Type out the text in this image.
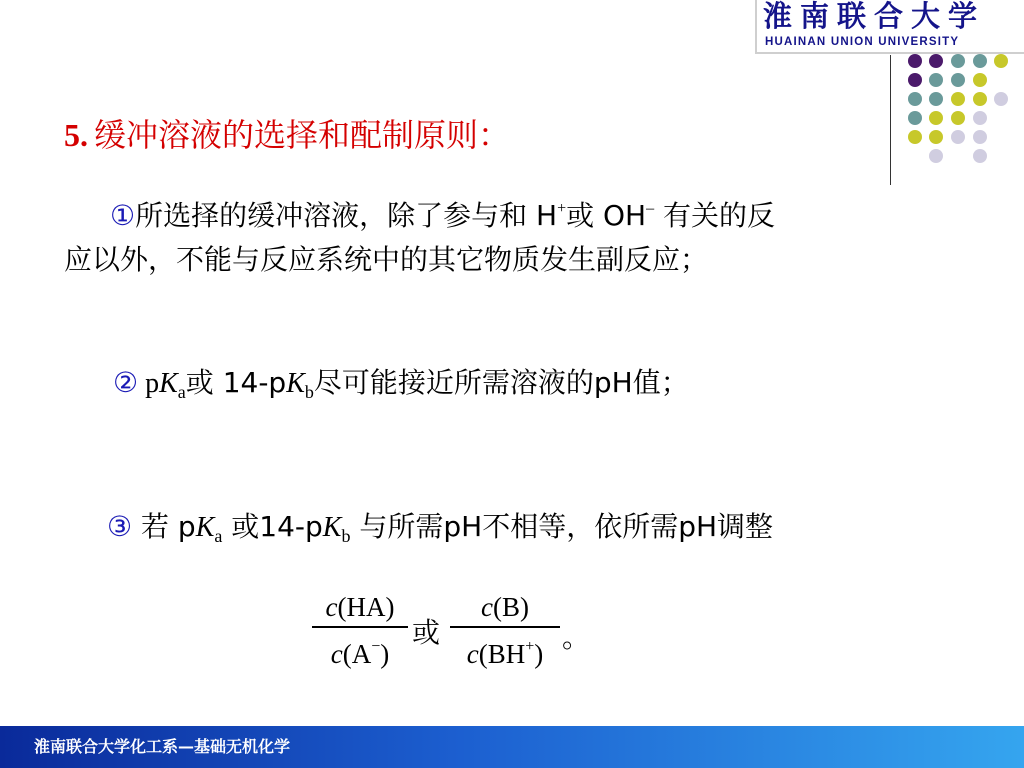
淮南联合大学
HUAINAN UNION UNIVERSITY
5. 缓冲溶液的选择和配制原则：
①所选择的缓冲溶液，除了参与和 H+或 OH– 有关的反
应以外，不能与反应系统中的其它物质发生副反应；
② $pK_a$或 $14-pK_b$尽可能接近所需溶液的pH值；
③ 若 $pK_a$ 或$14-pK_b$ 与所需pH不相等，依所需pH调整
c(HA)
c(A−)
或
c(B)
c(BH+) 。
淮南联合大学化工系—基础无机化学
